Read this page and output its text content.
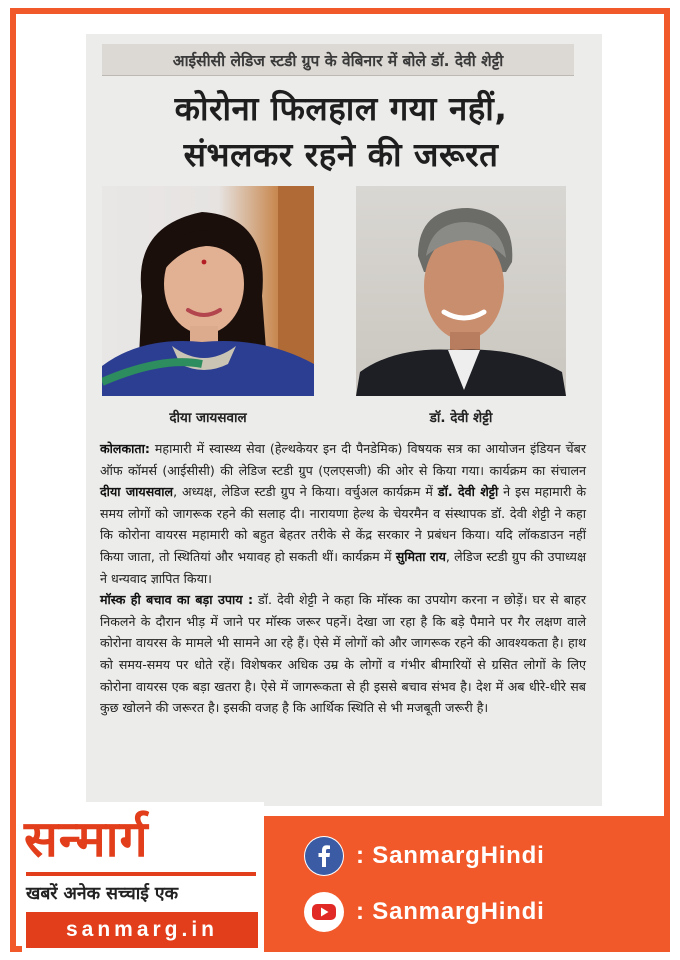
आईसीसी लेडिज स्टडी ग्रुप के वेबिनार में बोले डॉ. देवी शेट्टी
कोरोना फिलहाल गया नहीं,
संभलकर रहने की जरूरत
दीया जायसवाल	डॉ. देवी शेट्टी

कोलकाता: महामारी में स्वास्थ्य सेवा (हेल्थकेयर इन दी पैनडेमिक) विषयक सत्र का आयोजन इंडियन चेंबर ऑफ कॉमर्स (आईसीसी) की लेडिज स्टडी ग्रुप (एलएसजी) की ओर से किया गया। कार्यक्रम का संचालन दीया जायसवाल, अध्यक्ष, लेडिज स्टडी ग्रुप ने किया। वर्चुअल कार्यक्रम में डॉ. देवी शेट्टी ने इस महामारी के समय लोगों को जागरूक रहने की सलाह दी। नारायणा हेल्थ के चेयरमैन व संस्थापक डॉ. देवी शेट्टी ने कहा कि कोरोना वायरस महामारी को बहुत बेहतर तरीके से केंद्र सरकार ने प्रबंधन किया। यदि लॉकडाउन नहीं किया जाता, तो स्थितियां और भयावह हो सकती थीं। कार्यक्रम में सुमिता राय, लेडिज स्टडी ग्रुप की उपाध्यक्ष ने धन्यवाद ज्ञापित किया।

मॉस्क ही बचाव का बड़ा उपाय : डॉ. देवी शेट्टी ने कहा कि मॉस्क का उपयोग करना न छोड़ें। घर से बाहर निकलने के दौरान भीड़ में जाने पर मॉस्क जरूर पहनें। देखा जा रहा है कि बड़े पैमाने पर गैर लक्षण वाले कोरोना वायरस के मामले भी सामने आ रहे हैं। ऐसे में लोगों को और जागरूक रहने की आवश्यकता है। हाथ को समय-समय पर धोते रहें। विशेषकर अधिक उम्र के लोगों व गंभीर बीमारियों से ग्रसित लोगों के लिए कोरोना वायरस एक बड़ा खतरा है। ऐसे में जागरूकता से ही इससे बचाव संभव है। देश में अब धीरे-धीरे सब कुछ खोलने की जरूरत है। इसकी वजह है कि आर्थिक स्थिति से भी मजबूती जरूरी है।

सन्मार्ग
खबरें अनेक सच्चाई एक
sanmarg.in
: SanmargHindi
: SanmargHindi
